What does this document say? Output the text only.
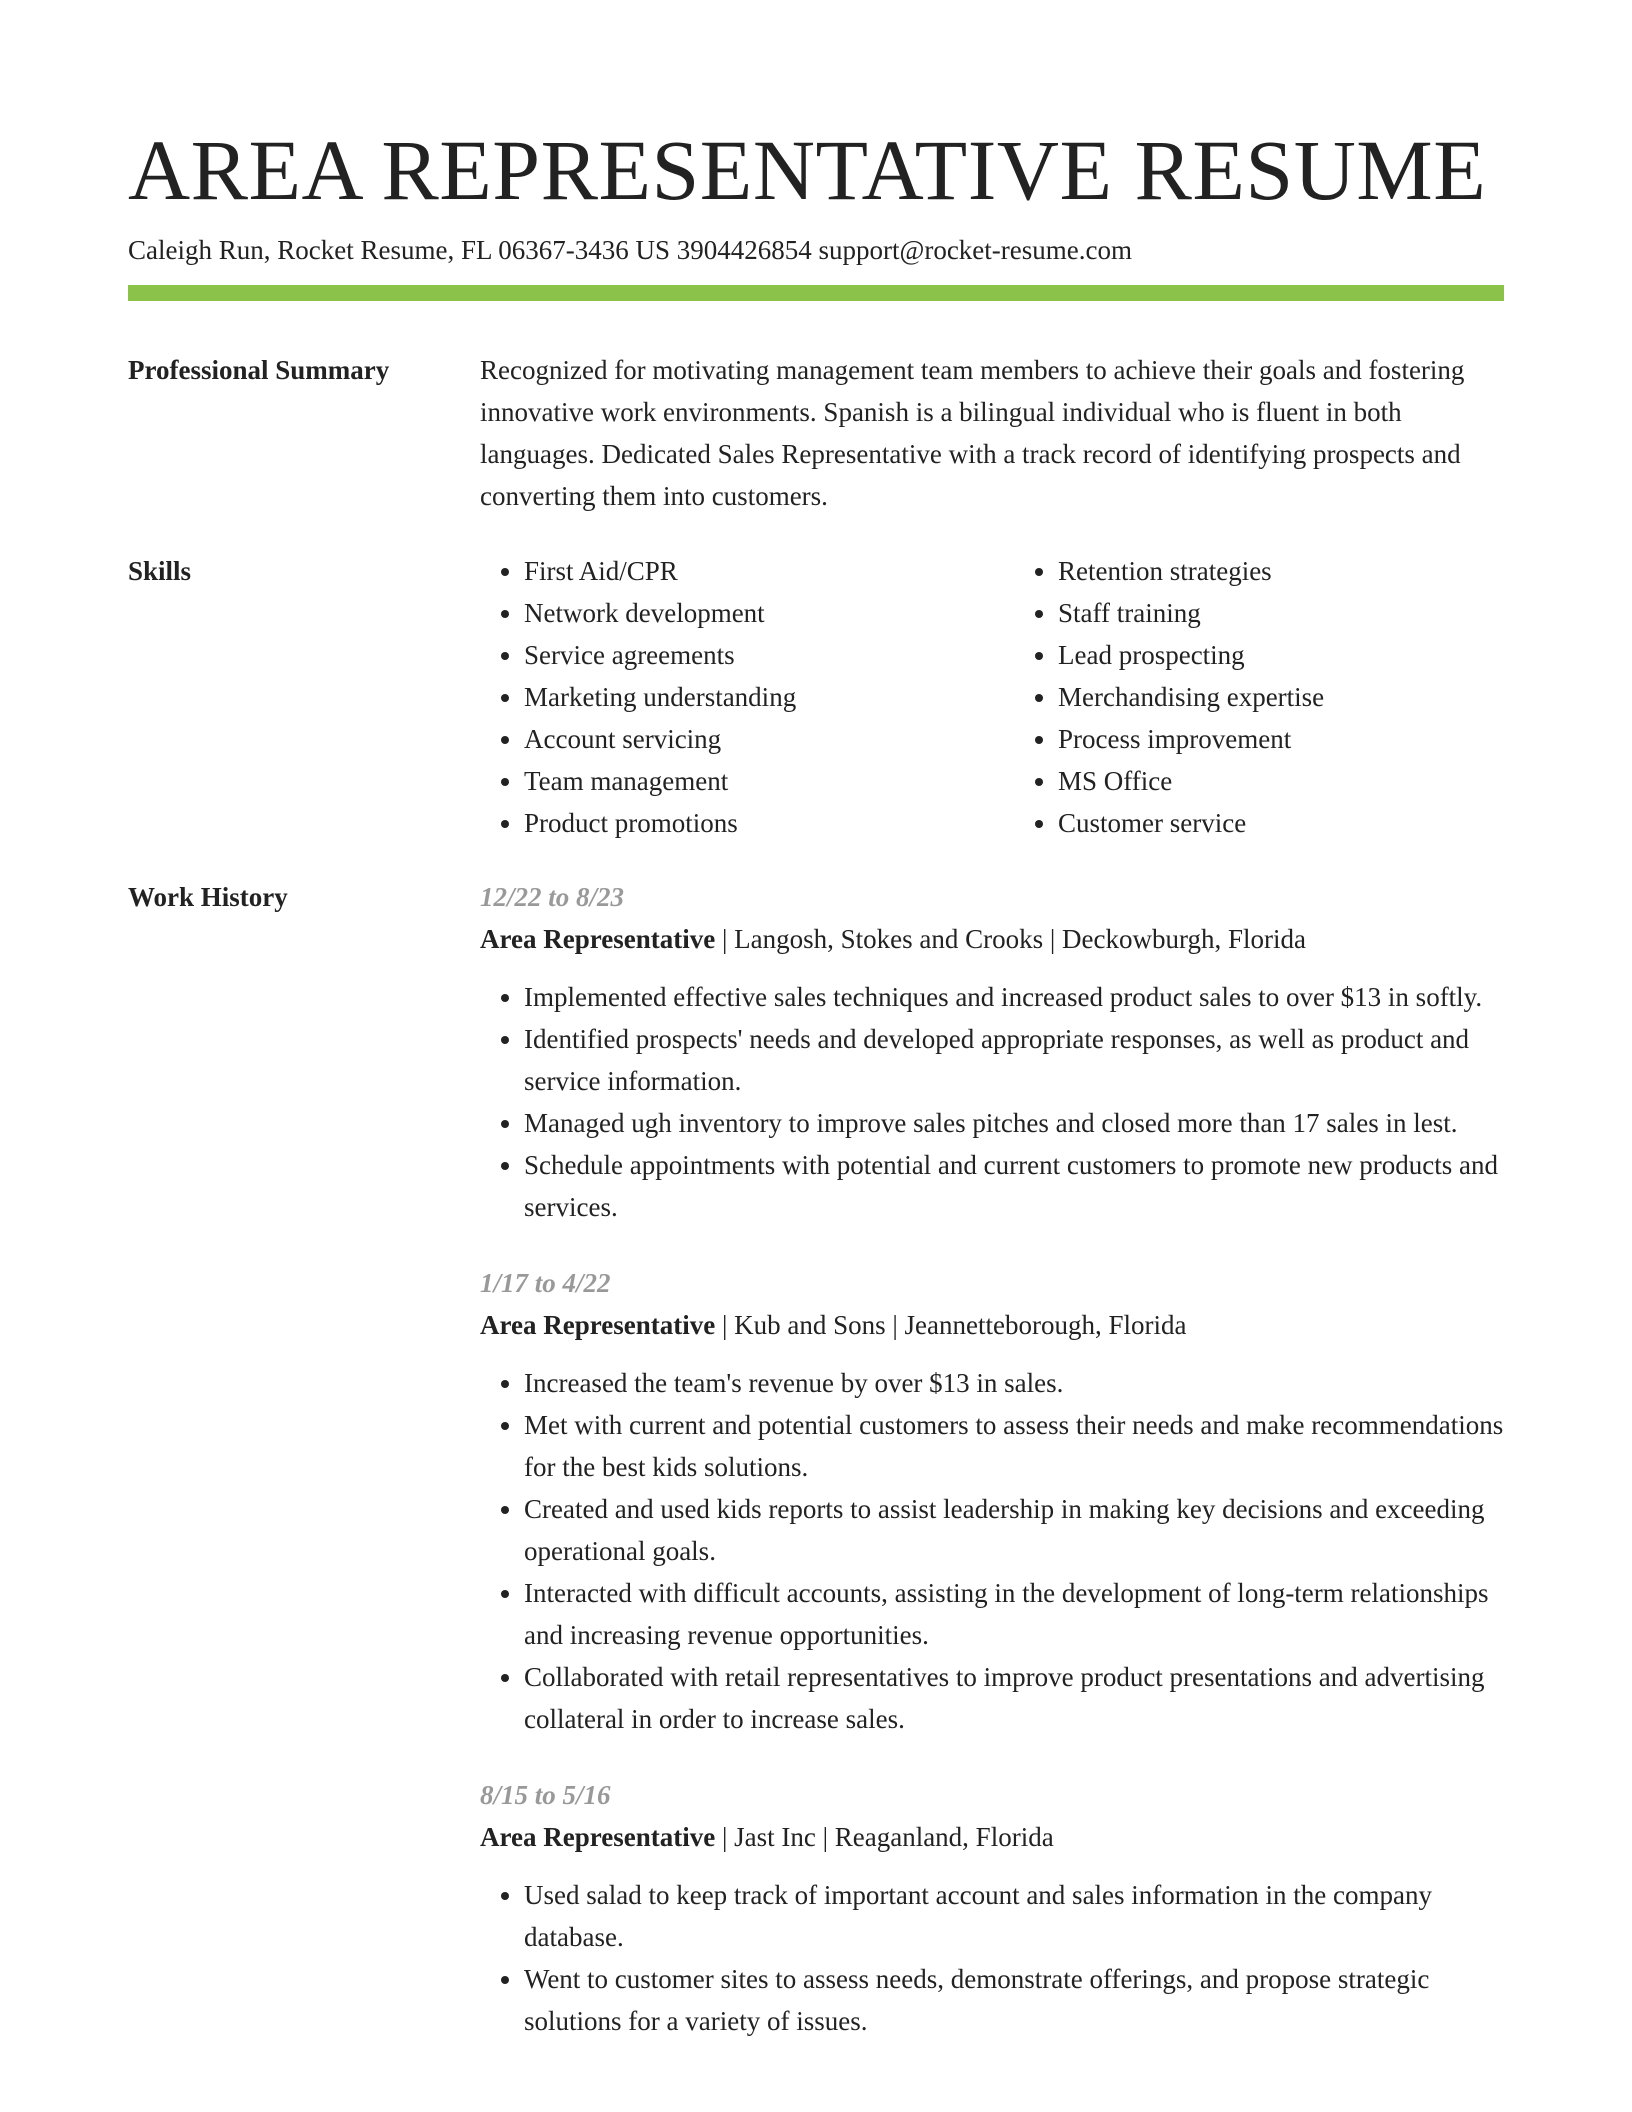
AREA REPRESENTATIVE RESUME
Caleigh Run, Rocket Resume, FL 06367-3436 US 3904426854 support@rocket-resume.com
Professional Summary	Recognized for motivating management team members to achieve their goals and fostering innovative work environments. Spanish is a bilingual individual who is fluent in both languages. Dedicated Sales Representative with a track record of identifying prospects and converting them into customers.

Skills
•	First Aid/CPR
• Network development
• Service agreements
• Marketing understanding
• Account servicing
• Team management
• Product promotions
• Retention strategies
• Staff training
• Lead prospecting
• Merchandising expertise
• Process improvement
• MS Office
• Customer service
Work History	12/22 to 8/23
Area Representative | Langosh, Stokes and Crooks | Deckowburgh, Florida
• Implemented effective sales techniques and increased product sales to over $13 in softly.
• Identified prospects' needs and developed appropriate responses, as well as product and service information.
• Managed ugh inventory to improve sales pitches and closed more than 17 sales in lest.
• Schedule appointments with potential and current customers to promote new products and services.
1/17 to 4/22
Area Representative | Kub and Sons | Jeannetteborough, Florida
• Increased the team's revenue by over $13 in sales.
• Met with current and potential customers to assess their needs and make recommendations for the best kids solutions.
• Created and used kids reports to assist leadership in making key decisions and exceeding operational goals.
• Interacted with difficult accounts, assisting in the development of long-term relationships and increasing revenue opportunities.
• Collaborated with retail representatives to improve product presentations and advertising collateral in order to increase sales.
8/15 to 5/16
Area Representative | Jast Inc | Reaganland, Florida
• Used salad to keep track of important account and sales information in the company database.
• Went to customer sites to assess needs, demonstrate offerings, and propose strategic solutions for a variety of issues.
